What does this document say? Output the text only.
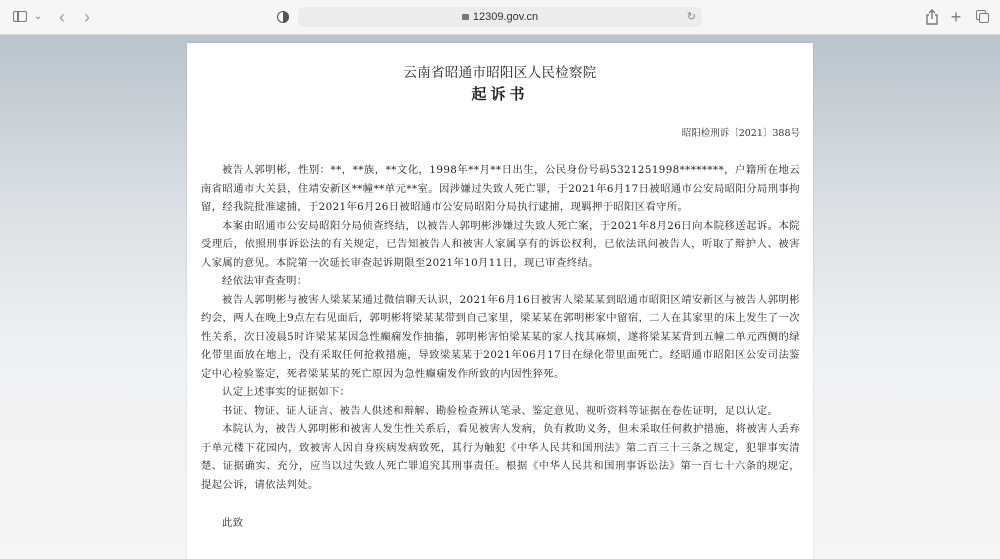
⌄ ‹ ›	12309.gov.cn	↻	+
云南省昭通市昭阳区人民检察院
起诉书
昭阳检刑诉〔2021〕388号

被告人郭明彬，性别：**，**族，**文化，1998年**月**日出生，公民身份号码5321251998********，户籍所在地云南省昭通市大关县，住靖安新区**幢**单元**室。因涉嫌过失致人死亡罪，于2021年6月17日被昭通市公安局昭阳分局刑事拘留，经我院批准逮捕，于2021年6月26日被昭通市公安局昭阳分局执行逮捕，现羁押于昭阳区看守所。

本案由昭通市公安局昭阳分局侦查终结，以被告人郭明彬涉嫌过失致人死亡案，于2021年8月26日向本院移送起诉。本院受理后，依照刑事诉讼法的有关规定，已告知被告人和被害人家属享有的诉讼权利，已依法讯问被告人，听取了辩护人、被害人家属的意见。本院第一次延长审查起诉期限至2021年10月11日，现已审查终结。

经依法审查查明：

被告人郭明彬与被害人梁某某通过微信聊天认识，2021年6月16日被害人梁某某到昭通市昭阳区靖安新区与被告人郭明彬约会，两人在晚上9点左右见面后，郭明彬将梁某某带到自己家里，梁某某在郭明彬家中留宿，二人在其家里的床上发生了一次性关系，次日凌晨5时许梁某某因急性癫痫发作抽搐，郭明彬害怕梁某某的家人找其麻烦，遂将梁某某背到五幢二单元西侧的绿化带里面放在地上，没有采取任何抢救措施，导致梁某某于2021年06月17日在绿化带里面死亡。经昭通市昭阳区公安司法鉴定中心检验鉴定，死者梁某某的死亡原因为急性癫痫发作所致的内因性猝死。

认定上述事实的证据如下：

书证、物证、证人证言、被告人供述和辩解、勘验检查辨认笔录、鉴定意见、视听资料等证据在卷佐证明，足以认定。

本院认为，被告人郭明彬和被害人发生性关系后，看见被害人发病，负有救助义务，但未采取任何救护措施，将被害人丢弃于单元楼下花园内，致被害人因自身疾病发病致死，其行为触犯《中华人民共和国刑法》第二百三十三条之规定，犯罪事实清楚、证据确实、充分，应当以过失致人死亡罪追究其刑事责任。根据《中华人民共和国刑事诉讼法》第一百七十六条的规定，提起公诉，请依法判处。

此致
